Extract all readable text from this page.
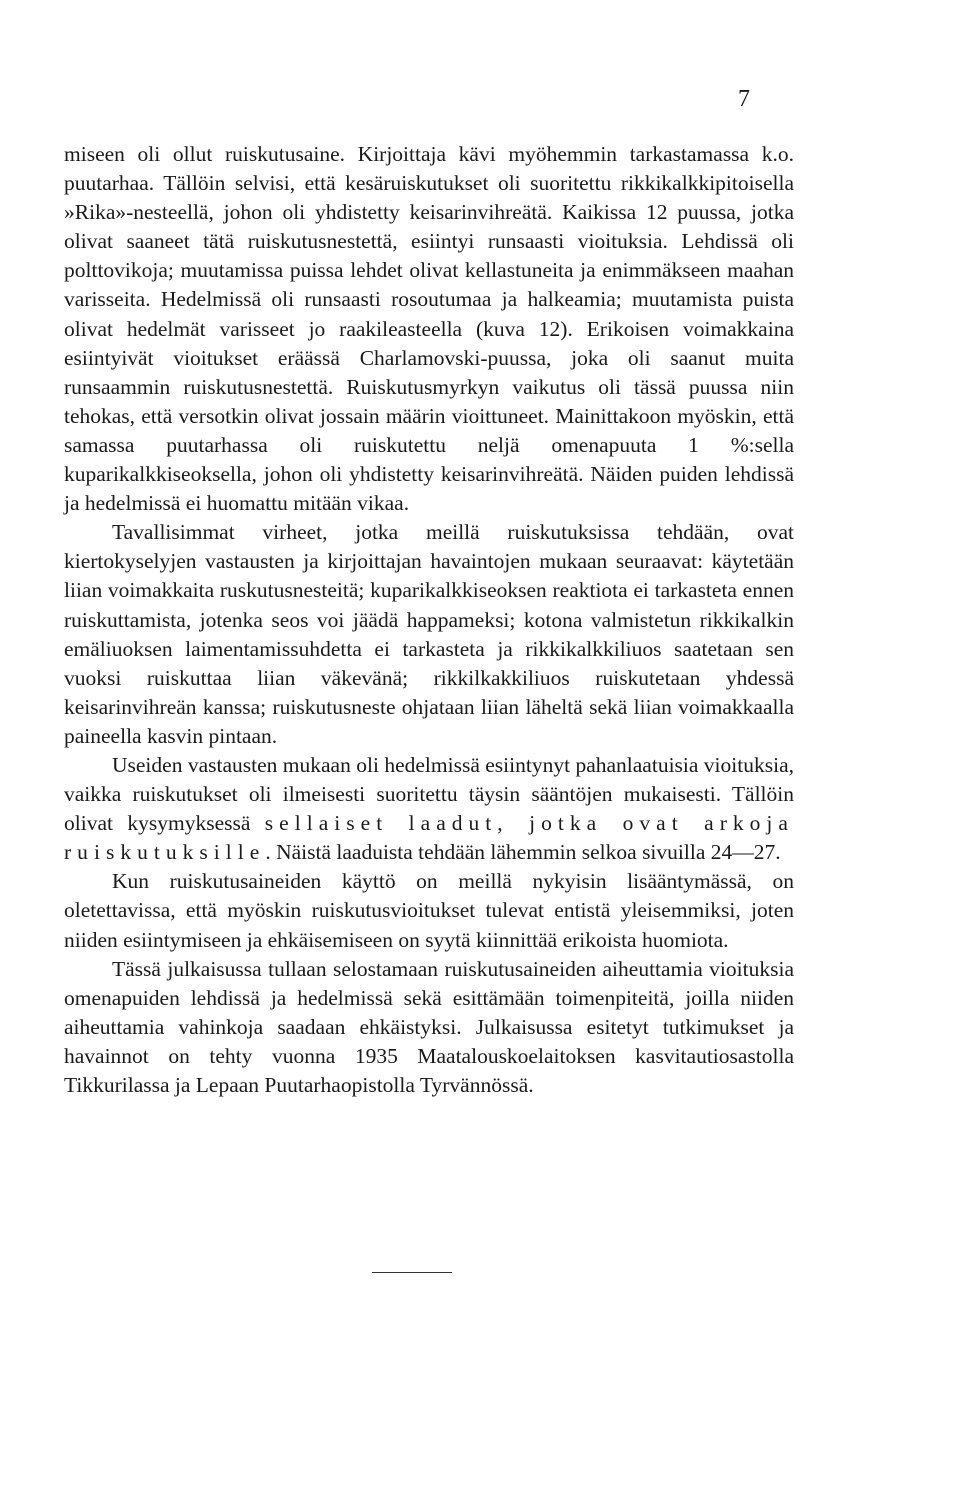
7

miseen oli ollut ruiskutusaine. Kirjoittaja kävi myöhemmin tarkastamassa k.o. puutarhaa. Tällöin selvisi, että kesäruiskutukset oli suoritettu rikkikalkkipitoisella »Rika»-nesteellä, johon oli yhdistetty keisarinvihreätä. Kaikissa 12 puussa, jotka olivat saaneet tätä ruiskutusnestettä, esiintyi runsaasti vioituksia. Lehdissä oli polttovikoja; muutamissa puissa lehdet olivat kellastuneita ja enimmäkseen maahan varisseita. Hedelmissä oli runsaasti rosoutumaa ja halkeamia; muutamista puista olivat hedelmät varisseet jo raakileasteella (kuva 12). Erikoisen voimakkaina esiintyivät vioitukset eräässä Charlamovski-puussa, joka oli saanut muita runsaammin ruiskutusnestettä. Ruiskutusmyrkyn vaikutus oli tässä puussa niin tehokas, että versotkin olivat jossain määrin vioittuneet. Mainittakoon myöskin, että samassa puutarhassa oli ruiskutettu neljä omenapuuta 1 %:sella kuparikalkkiseoksella, johon oli yhdistetty keisarinvihreätä. Näiden puiden lehdissä ja hedelmissä ei huomattu mitään vikaa.

Tavallisimmat virheet, jotka meillä ruiskutuksissa tehdään, ovat kiertokyselyjen vastausten ja kirjoittajan havaintojen mukaan seuraavat: käytetään liian voimakkaita ruskutusnesteitä; kuparikalkkiseoksen reaktiota ei tarkasteta ennen ruiskuttamista, jotenka seos voi jäädä happameksi; kotona valmistetun rikkikalkin emäliuoksen laimentamissuhdetta ei tarkasteta ja rikkikalkkiliuos saatetaan sen vuoksi ruiskuttaa liian väkevänä; rikkilkakkiliuos ruiskutetaan yhdessä keisarinvihreän kanssa; ruiskutusneste ohjataan liian läheltä sekä liian voimakkaalla paineella kasvin pintaan.

Useiden vastausten mukaan oli hedelmissä esiintynyt pahanlaatuisia vioituksia, vaikka ruiskutukset oli ilmeisesti suoritettu täysin sääntöjen mukaisesti. Tällöin olivat kysymyksessä sellaiset laadut, jotka ovat arkoja ruiskutuksille. Näistä laaduista tehdään lähemmin selkoa sivuilla 24—27.

Kun ruiskutusaineiden käyttö on meillä nykyisin lisääntymässä, on oletettavissa, että myöskin ruiskutusvioitukset tulevat entistä yleisemmiksi, joten niiden esiintymiseen ja ehkäisemiseen on syytä kiinnittää erikoista huomiota.

Tässä julkaisussa tullaan selostamaan ruiskutusaineiden aiheuttamia vioituksia omenapuiden lehdissä ja hedelmissä sekä esittämään toimenpiteitä, joilla niiden aiheuttamia vahinkoja saadaan ehkäistyksi. Julkaisussa esitetyt tutkimukset ja havainnot on tehty vuonna 1935 Maatalouskoelaitoksen kasvitautiosastolla Tikkurilassa ja Lepaan Puutarhaopistolla Tyrvännössä.
